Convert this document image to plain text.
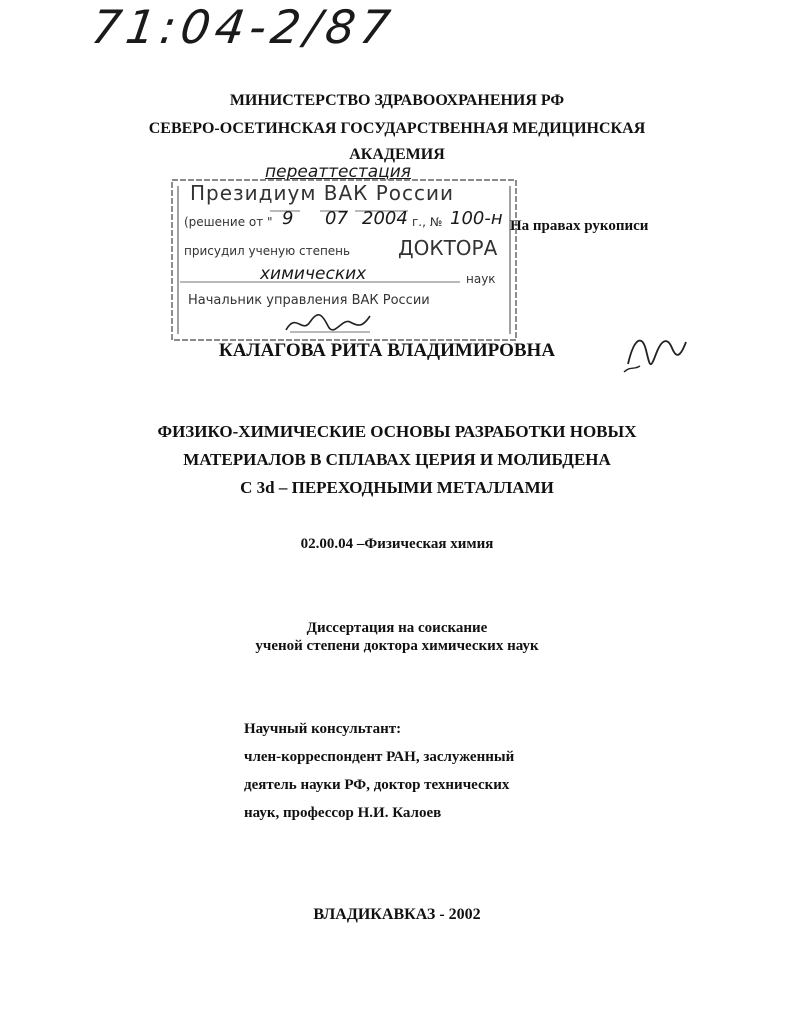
71:04-2/87
МИНИСТЕРСТВО ЗДРАВООХРАНЕНИЯ РФ
СЕВЕРО-ОСЕТИНСКАЯ ГОСУДАРСТВЕННАЯ МЕДИЦИНСКАЯ
АКАДЕМИЯ
переаттестация
Президиум ВАК России
(решение от " 9 07 2004 г., № 100-н
присудил ученую степень ДОКТОРА
химических	наук
Начальник управления ВАК России
На правах рукописи
КАЛАГОВА РИТА ВЛАДИМИРОВНА
ФИЗИКО-ХИМИЧЕСКИЕ ОСНОВЫ РАЗРАБОТКИ НОВЫХ
МАТЕРИАЛОВ В СПЛАВАХ ЦЕРИЯ И МОЛИБДЕНА
С 3d – ПЕРЕХОДНЫМИ МЕТАЛЛАМИ
02.00.04 –Физическая химия
Диссертация на соискание
ученой степени доктора химических наук
Научный консультант:
член-корреспондент РАН, заслуженный
деятель науки РФ, доктор технических
наук, профессор Н.И. Калоев
ВЛАДИКАВКАЗ - 2002
